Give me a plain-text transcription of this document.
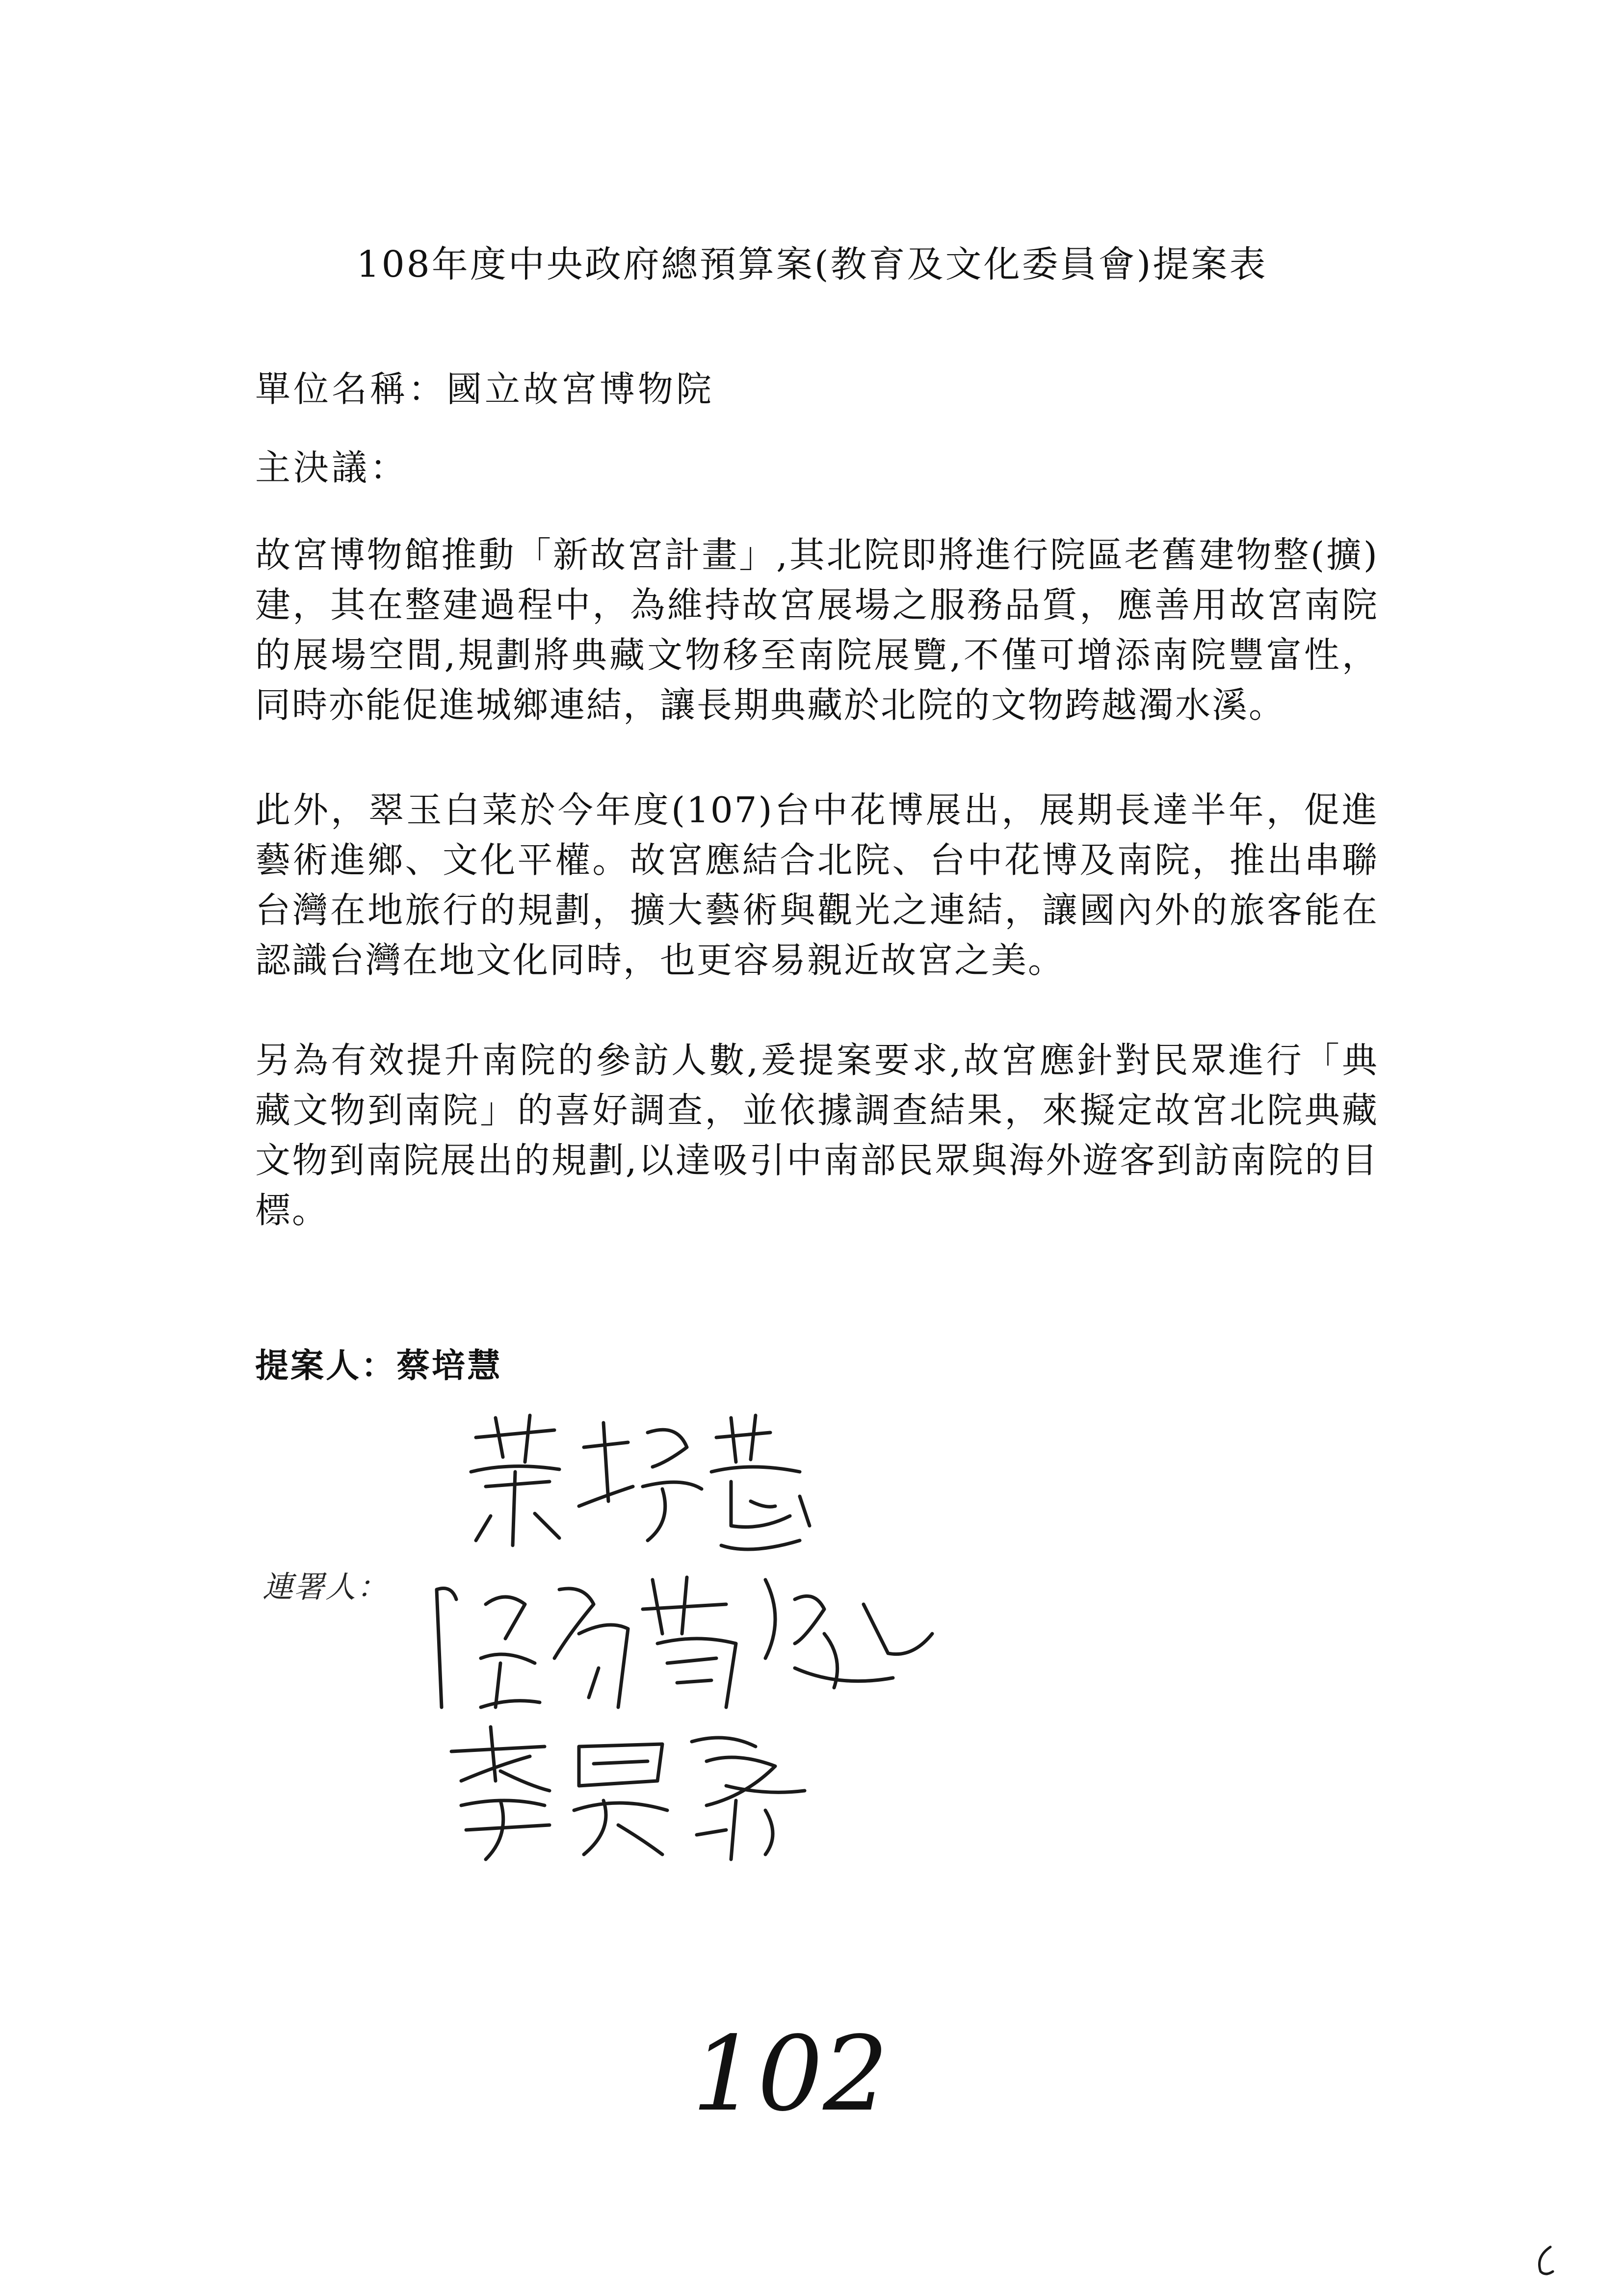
108年度中央政府總預算案(教育及文化委員會)提案表
單位名稱：國立故宮博物院
主決議：

故宮博物館推動「新故宮計畫」,其北院即將進行院區老舊建物整(擴)建，其在整建過程中，為維持故宮展場之服務品質，應善用故宮南院的展場空間,規劃將典藏文物移至南院展覽,不僅可增添南院豐富性，同時亦能促進城鄉連結，讓長期典藏於北院的文物跨越濁水溪。

此外，翠玉白菜於今年度(107)台中花博展出，展期長達半年，促進藝術進鄉、文化平權。故宮應結合北院、台中花博及南院，推出串聯台灣在地旅行的規劃，擴大藝術與觀光之連結，讓國內外的旅客能在認識台灣在地文化同時，也更容易親近故宮之美。

另為有效提升南院的參訪人數,爰提案要求,故宮應針對民眾進行「典藏文物到南院」的喜好調查，並依據調查結果，來擬定故宮北院典藏文物到南院展出的規劃,以達吸引中南部民眾與海外遊客到訪南院的目標。

提案人：蔡培慧
連署人：
102
